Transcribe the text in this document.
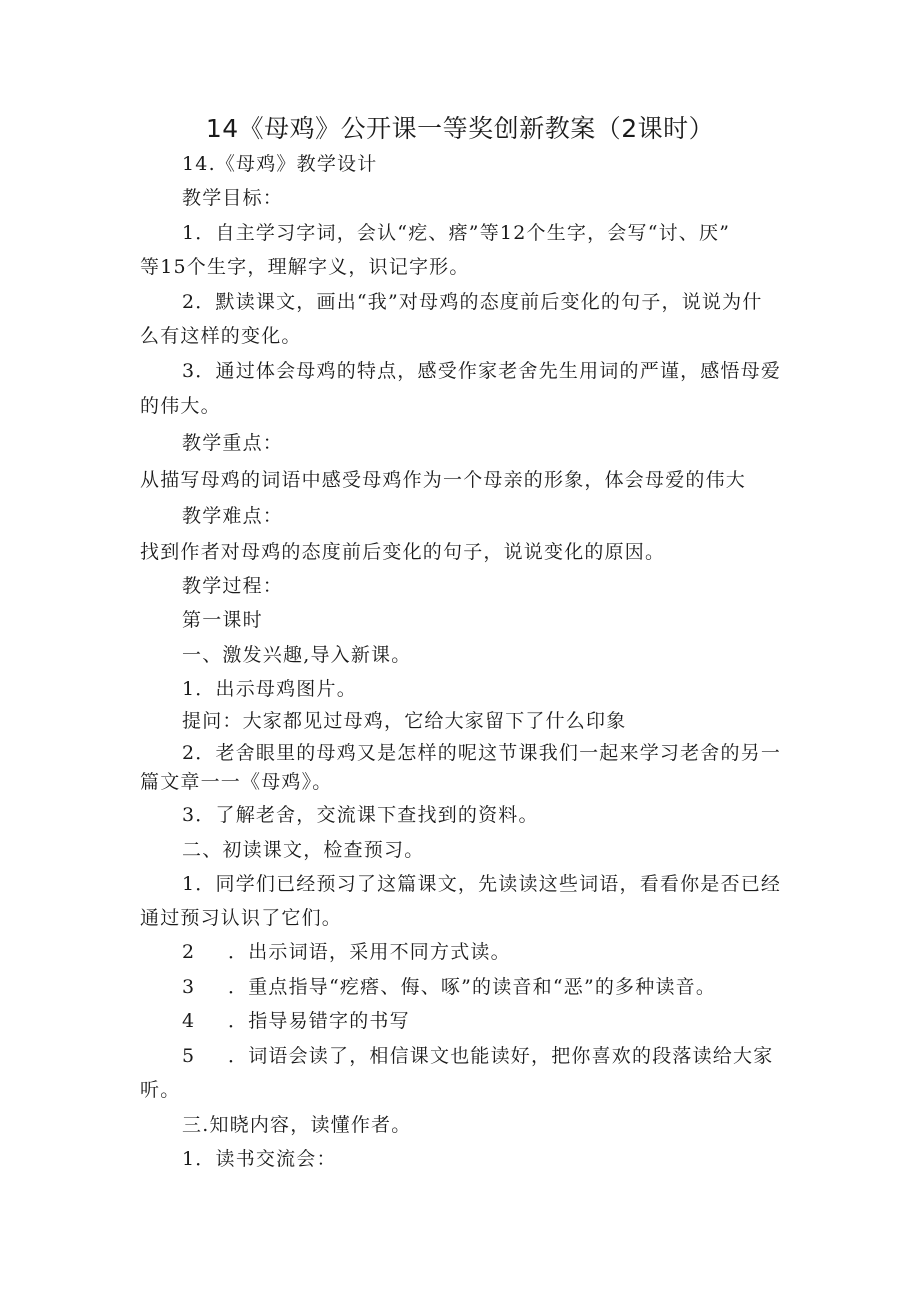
14《母鸡》公开课一等奖创新教案（2课时）
14.《母鸡》教学设计
教学目标：
1．自主学习字词，会认“疙、瘩”等12个生字，会写“讨、厌”
等15个生字，理解字义，识记字形。
2．默读课文，画出“我”对母鸡的态度前后变化的句子，说说为什
么有这样的变化。
3．通过体会母鸡的特点，感受作家老舍先生用词的严谨，感悟母爱
的伟大。
教学重点：
从描写母鸡的词语中感受母鸡作为一个母亲的形象，体会母爱的伟大
教学难点：
找到作者对母鸡的态度前后变化的句子，说说变化的原因。
教学过程：
第一课时
一、激发兴趣,导入新课。
1．出示母鸡图片。
提问：大家都见过母鸡，它给大家留下了什么印象
2．老舍眼里的母鸡又是怎样的呢这节课我们一起来学习老舍的另一
篇文章一一《母鸡》。
3．了解老舍，交流课下查找到的资料。
二、初读课文，检查预习。
1．同学们已经预习了这篇课文，先读读这些词语，看看你是否已经
通过预习认识了它们。
2 ．出示词语，采用不同方式读。
3 ．重点指导“疙瘩、侮、啄”的读音和“恶”的多种读音。
4 ．指导易错字的书写
5 ．词语会读了，相信课文也能读好，把你喜欢的段落读给大家
听。
三.知晓内容，读懂作者。
1．读书交流会：
